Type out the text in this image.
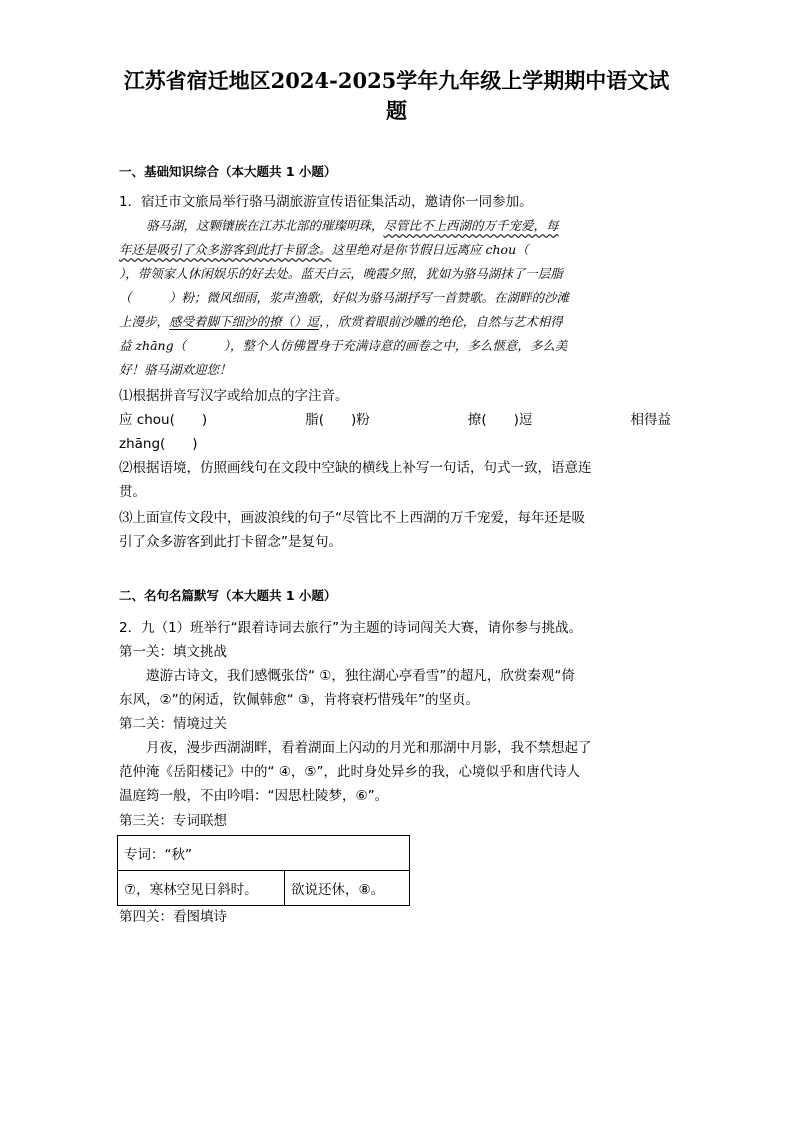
江苏省宿迁地区2024-2025学年九年级上学期期中语文试
题

一、基础知识综合（本大题共 1 小题）

1．宿迁市文旅局举行骆马湖旅游宣传语征集活动，邀请你一同参加。

骆马湖，这颗镶嵌在江苏北部的璀璨明珠，尽管比不上西湖的万千宠爱，每

年还是吸引了众多游客到此打卡留念。这里绝对是你节假日远离应 chou（

），带领家人休闲娱乐的好去处。蓝天白云，晚霞夕照，犹如为骆马湖抹了一层脂

（　　　）粉；微风细雨，浆声渔歌，好似为骆马湖抒写一首赞歌。在湖畔的沙滩

上漫步，感受着脚下细沙的撩（）逗，，欣赏着眼前沙雕的绝伦，自然与艺术相得

益 zhāng（　　　），整个人仿佛置身于充满诗意的画卷之中，多么惬意，多么美

好！骆马湖欢迎您！

⑴根据拼音写汉字或给加点的字注音。

应 chou(　　)	脂(　　)粉	撩(　　)逗	相得益

zhāng(　　)

⑵根据语境，仿照画线句在文段中空缺的横线上补写一句话，句式一致，语意连

贯。

⑶上面宣传文段中，画波浪线的句子“尽管比不上西湖的万千宠爱，每年还是吸

引了众多游客到此打卡留念”是复句。

二、名句名篇默写（本大题共 1 小题）

2．九（1）班举行“跟着诗词去旅行”为主题的诗词闯关大赛，请你参与挑战。

第一关：填文挑战

遨游古诗文，我们感慨张岱“ ①，独往湖心亭看雪”的超凡，欣赏秦观“倚

东风，②”的闲适，钦佩韩愈“ ③，肯将衰朽惜残年”的坚贞。

第二关：情境过关

月夜，漫步西湖湖畔，看着湖面上闪动的月光和那湖中月影，我不禁想起了

范仲淹《岳阳楼记》中的“ ④，⑤”，此时身处异乡的我，心境似乎和唐代诗人

温庭筠一般，不由吟唱：“因思杜陵梦，⑥”。

第三关：专词联想

专词：“秋”
⑦，寒林空见日斜时。	欲说还休，⑧。

第四关：看图填诗
